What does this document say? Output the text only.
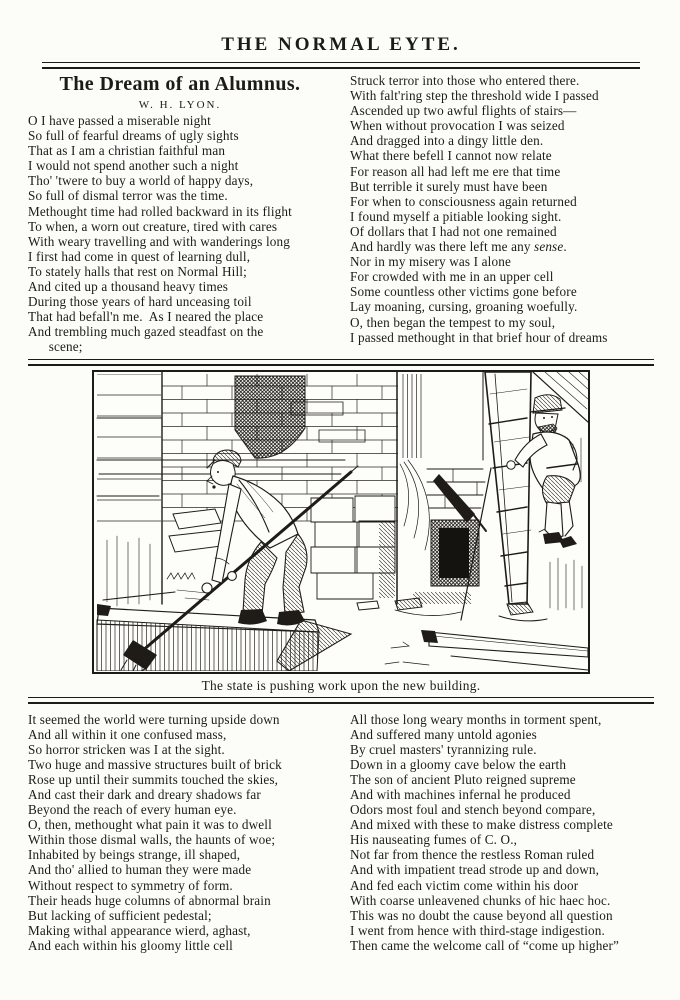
THE NORMAL EYTE.
The Dream of an Alumnus.
W. H. LYON.

O I have passed a miserable night

So full of fearful dreams of ugly sights

That as I am a christian faithful man

I would not spend another such a night

Tho' 'twere to buy a world of happy days,

So full of dismal terror was the time.

Methought time had rolled backward in its flight

To when, a worn out creature, tired with cares

With weary travelling and with wanderings long

I first had come in quest of learning dull,

To stately halls that rest on Normal Hill;

And cited up a thousand heavy times

During those years of hard unceasing toil

That had befall'n me.  As I neared the place

And trembling much gazed steadfast on the

scene;

Struck terror into those who entered there.

With falt'ring step the threshold wide I passed

Ascended up two awful flights of stairs—

When without provocation I was seized

And dragged into a dingy little den.

What there befell I cannot now relate

For reason all had left me ere that time

But terrible it surely must have been

For when to consciousness again returned

I found myself a pitiable looking sight.

Of dollars that I had not one remained

And hardly was there left me any sense.

Nor in my misery was I alone

For crowded with me in an upper cell

Some countless other victims gone before

Lay moaning, cursing, groaning woefully.

O, then began the tempest to my soul,

I passed methought in that brief hour of dreams

The state is pushing work upon the new building.

It seemed the world were turning upside down

And all within it one confused mass,

So horror stricken was I at the sight.

Two huge and massive structures built of brick

Rose up until their summits touched the skies,

And cast their dark and dreary shadows far

Beyond the reach of every human eye.

O, then, methought what pain it was to dwell

Within those dismal walls, the haunts of woe;

Inhabited by beings strange, ill shaped,

And tho' allied to human they were made

Without respect to symmetry of form.

Their heads huge columns of abnormal brain

But lacking of sufficient pedestal;

Making withal appearance wierd, aghast,

And each within his gloomy little cell

All those long weary months in torment spent,

And suffered many untold agonies

By cruel masters' tyrannizing rule.

Down in a gloomy cave below the earth

The son of ancient Pluto reigned supreme

And with machines infernal he produced

Odors most foul and stench beyond compare,

And mixed with these to make distress complete

His nauseating fumes of C. O.,

Not far from thence the restless Roman ruled

And with impatient tread strode up and down,

And fed each victim come within his door

With coarse unleavened chunks of hic haec hoc.

This was no doubt the cause beyond all question

I went from hence with third-stage indigestion.

Then came the welcome call of “come up higher”
